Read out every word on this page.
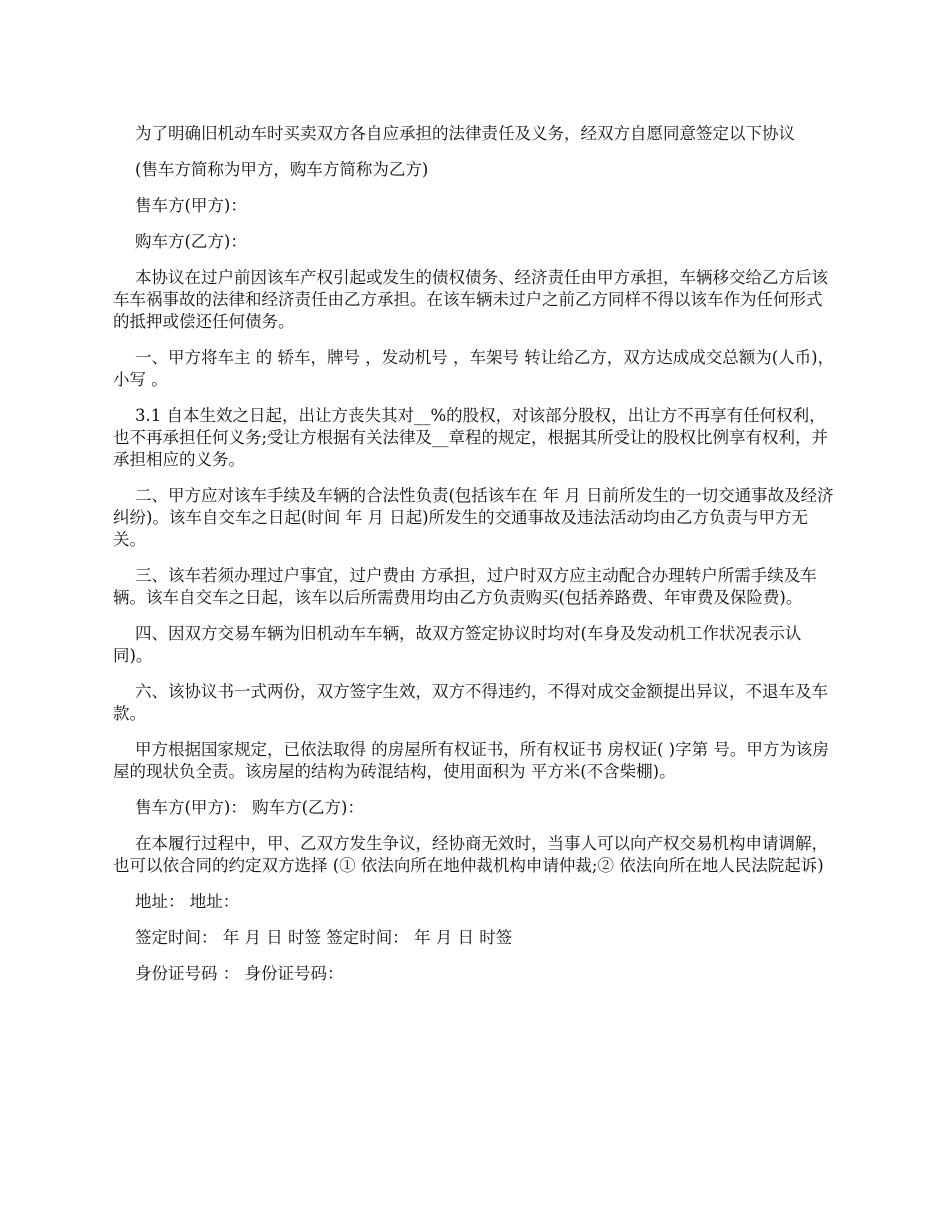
为了明确旧机动车时买卖双方各自应承担的法律责任及义务，经双方自愿同意签定以下协议

(售车方简称为甲方，购车方简称为乙方)

售车方(甲方)：

购车方(乙方)：

本协议在过户前因该车产权引起或发生的债权债务、经济责任由甲方承担，车辆移交给乙方后该车车祸事故的法律和经济责任由乙方承担。在该车辆未过户之前乙方同样不得以该车作为任何形式的抵押或偿还任何债务。

一、甲方将车主 的 轿车，牌号 ，发动机号 ，车架号 转让给乙方，双方达成成交总额为(人币)，小写 。

3.1 自本生效之日起，出让方丧失其对__%的股权，对该部分股权，出让方不再享有任何权利，也不再承担任何义务;受让方根据有关法律及__章程的规定，根据其所受让的股权比例享有权利，并承担相应的义务。

二、甲方应对该车手续及车辆的合法性负责(包括该车在 年 月 日前所发生的一切交通事故及经济纠纷)。该车自交车之日起(时间 年 月 日起)所发生的交通事故及违法活动均由乙方负责与甲方无关。

三、该车若须办理过户事宜，过户费由 方承担，过户时双方应主动配合办理转户所需手续及车辆。该车自交车之日起，该车以后所需费用均由乙方负责购买(包括养路费、年审费及保险费)。

四、因双方交易车辆为旧机动车车辆，故双方签定协议时均对(车身及发动机工作状况表示认同)。

六、该协议书一式两份，双方签字生效，双方不得违约，不得对成交金额提出异议，不退车及车款。

甲方根据国家规定，已依法取得 的房屋所有权证书，所有权证书 房权证( )字第 号。甲方为该房屋的现状负全责。该房屋的结构为砖混结构，使用面积为 平方米(不含柴棚)。

售车方(甲方)： 购车方(乙方)：

在本履行过程中，甲、乙双方发生争议，经协商无效时，当事人可以向产权交易机构申请调解，也可以依合同的约定双方选择 (① 依法向所在地仲裁机构申请仲裁;② 依法向所在地人民法院起诉)

地址： 地址：

签定时间： 年 月 日 时签 签定时间： 年 月 日 时签

身份证号码 ： 身份证号码：
